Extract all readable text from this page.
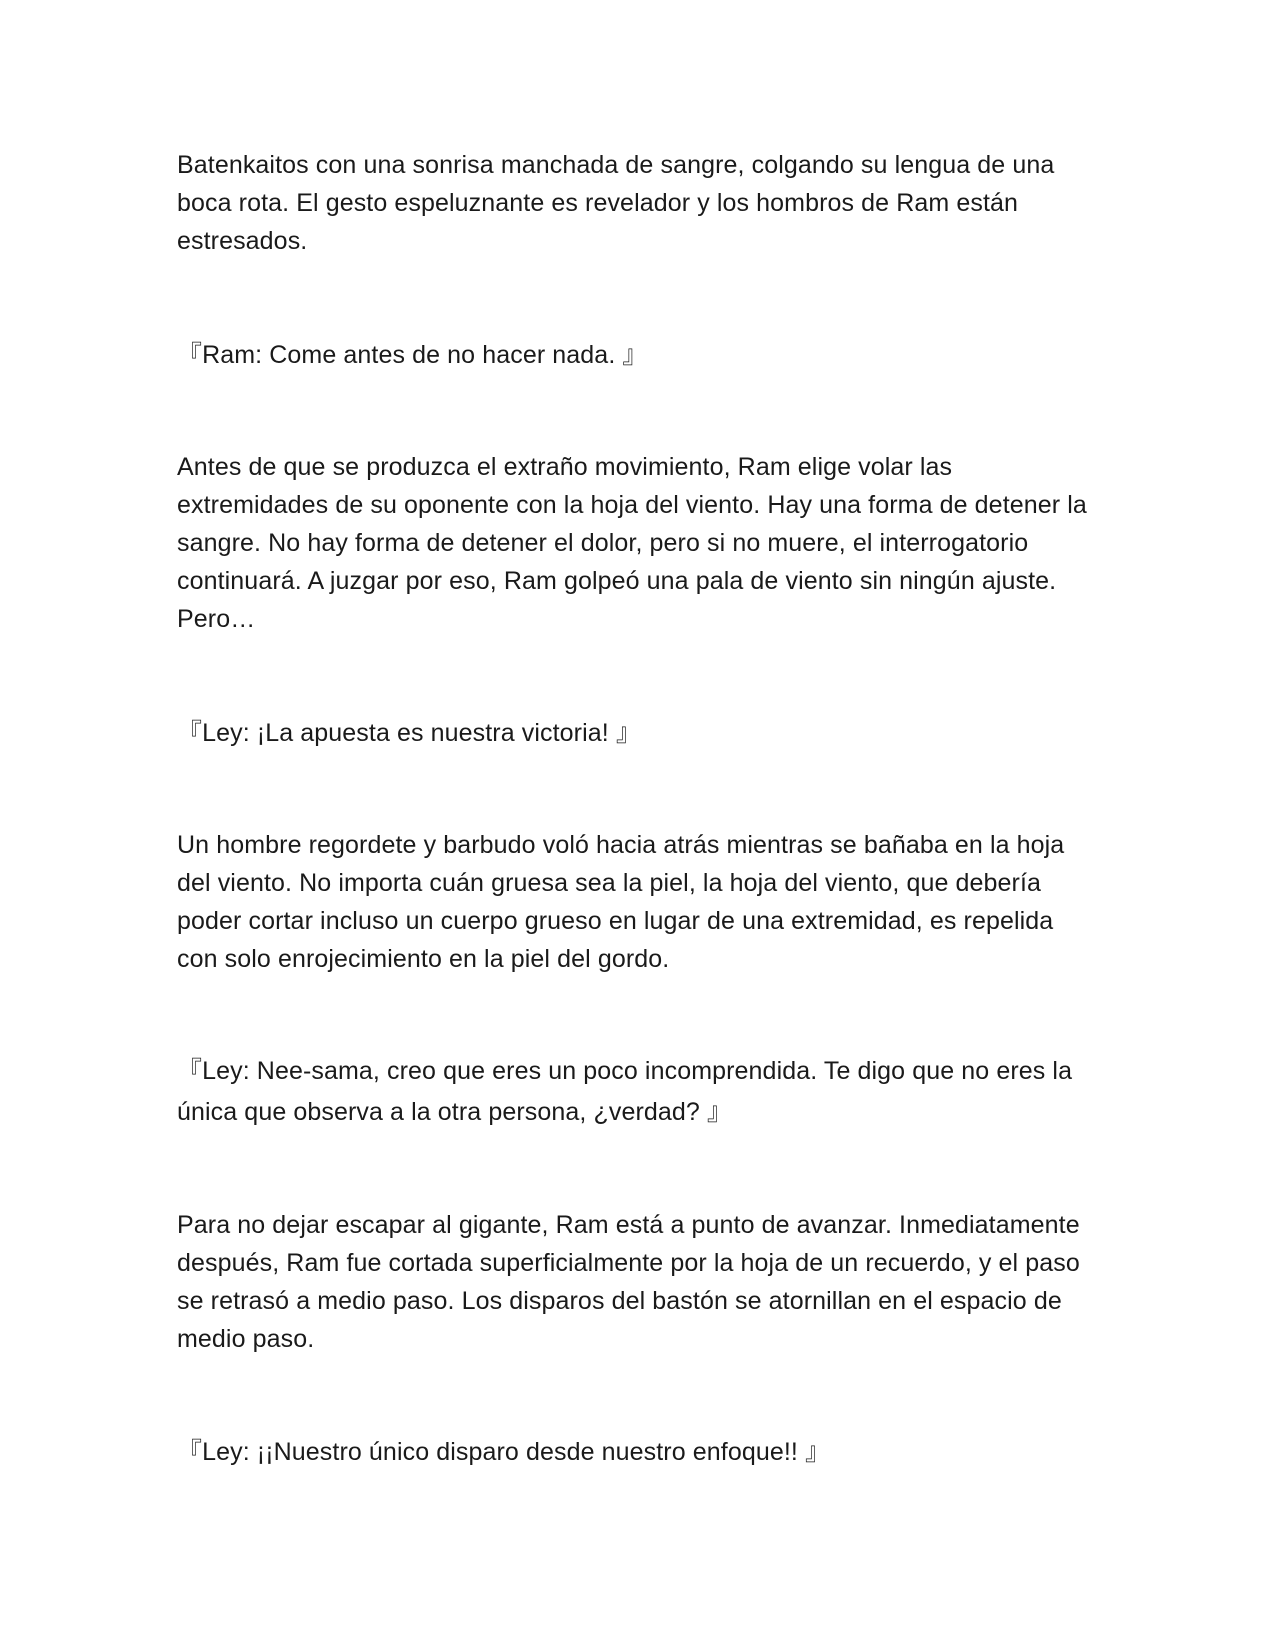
Batenkaitos con una sonrisa manchada de sangre, colgando su lengua de una boca rota. El gesto espeluznante es revelador y los hombros de Ram están estresados.

『Ram: Come antes de no hacer nada. 』

Antes de que se produzca el extraño movimiento, Ram elige volar las extremidades de su oponente con la hoja del viento. Hay una forma de detener la sangre. No hay forma de detener el dolor, pero si no muere, el interrogatorio continuará. A juzgar por eso, Ram golpeó una pala de viento sin ningún ajuste. Pero…

『Ley: ¡La apuesta es nuestra victoria! 』

Un hombre regordete y barbudo voló hacia atrás mientras se bañaba en la hoja del viento. No importa cuán gruesa sea la piel, la hoja del viento, que debería poder cortar incluso un cuerpo grueso en lugar de una extremidad, es repelida con solo enrojecimiento en la piel del gordo.

『Ley: Nee-sama, creo que eres un poco incomprendida. Te digo que no eres la única que observa a la otra persona, ¿verdad? 』

Para no dejar escapar al gigante, Ram está a punto de avanzar. Inmediatamente después, Ram fue cortada superficialmente por la hoja de un recuerdo, y el paso se retrasó a medio paso. Los disparos del bastón se atornillan en el espacio de medio paso.

『Ley: ¡¡Nuestro único disparo desde nuestro enfoque!! 』
